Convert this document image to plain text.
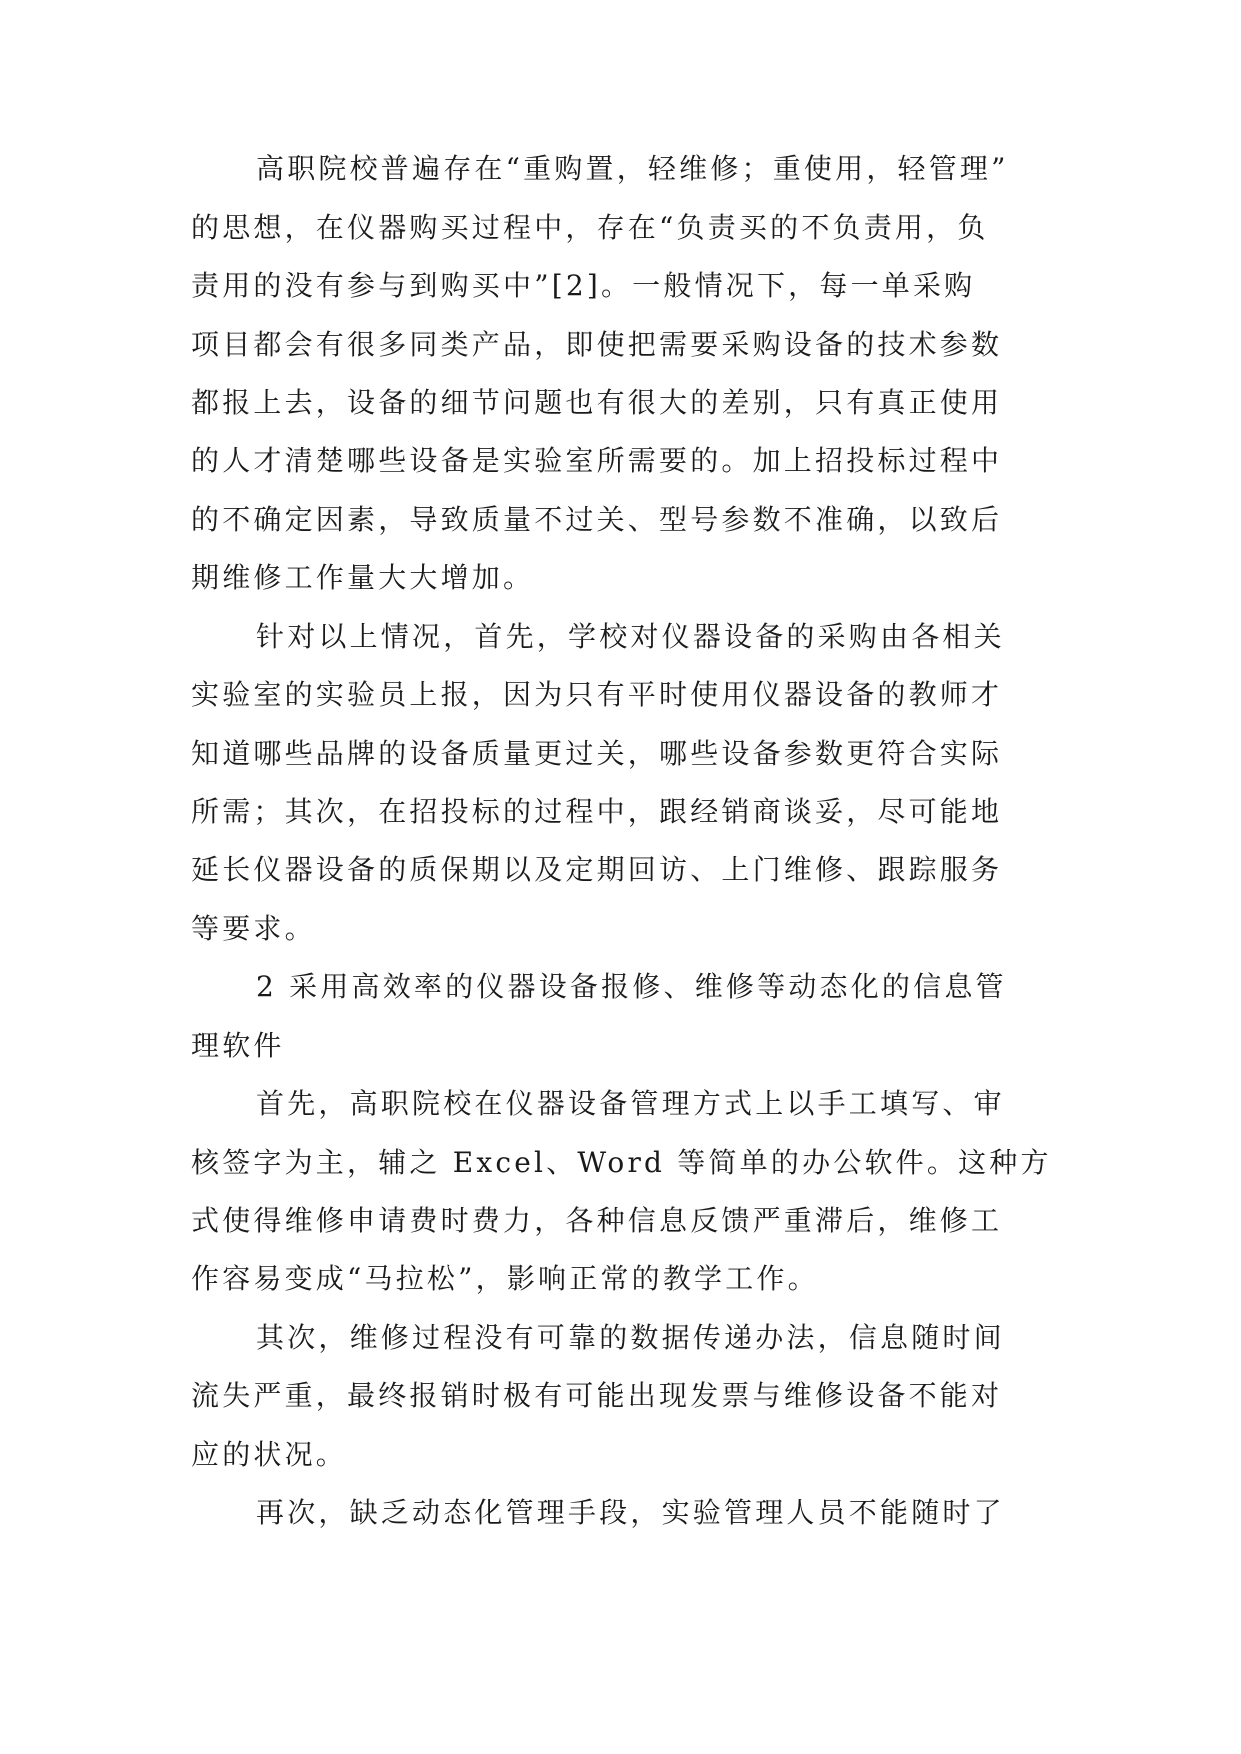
高职院校普遍存在“重购置，轻维修；重使用，轻管理”
的思想，在仪器购买过程中，存在“负责买的不负责用，负
责用的没有参与到购买中”[2]。一般情况下，每一单采购
项目都会有很多同类产品，即使把需要采购设备的技术参数
都报上去，设备的细节问题也有很大的差别，只有真正使用
的人才清楚哪些设备是实验室所需要的。加上招投标过程中
的不确定因素，导致质量不过关、型号参数不准确，以致后
期维修工作量大大增加。
针对以上情况，首先，学校对仪器设备的采购由各相关
实验室的实验员上报，因为只有平时使用仪器设备的教师才
知道哪些品牌的设备质量更过关，哪些设备参数更符合实际
所需；其次，在招投标的过程中，跟经销商谈妥，尽可能地
延长仪器设备的质保期以及定期回访、上门维修、跟踪服务
等要求。
2 采用高效率的仪器设备报修、维修等动态化的信息管
理软件
首先，高职院校在仪器设备管理方式上以手工填写、审
核签字为主，辅之 Excel、Word 等简单的办公软件。这种方
式使得维修申请费时费力，各种信息反馈严重滞后，维修工
作容易变成“马拉松”，影响正常的教学工作。
其次，维修过程没有可靠的数据传递办法，信息随时间
流失严重，最终报销时极有可能出现发票与维修设备不能对
应的状况。
再次，缺乏动态化管理手段，实验管理人员不能随时了
